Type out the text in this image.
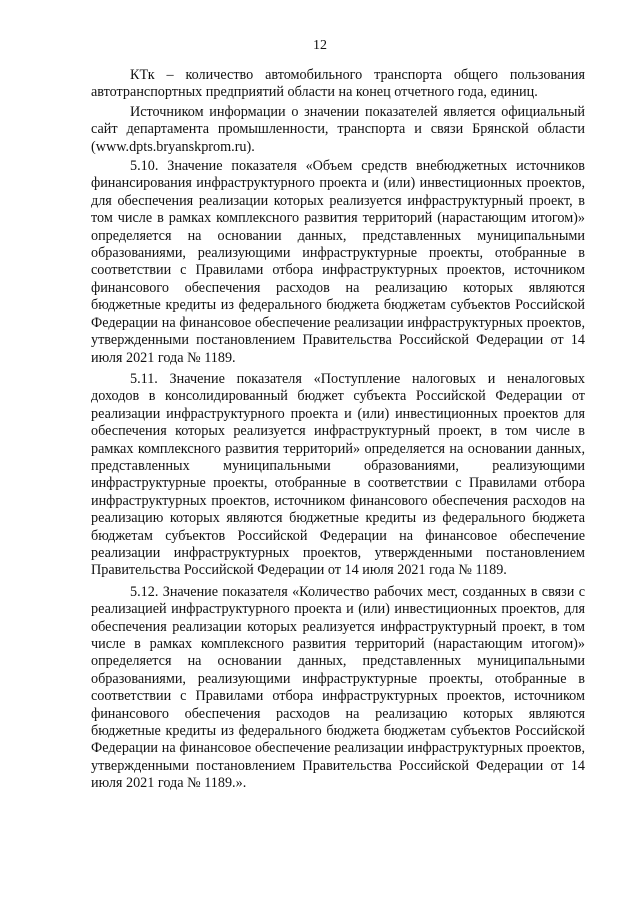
12

КТк – количество автомобильного транспорта общего пользования автотранспортных предприятий области на конец отчетного года, единиц.

Источником информации о значении показателей является официальный сайт департамента промышленности, транспорта и связи Брянской области (www.dpts.bryanskprom.ru).

5.10. Значение показателя «Объем средств внебюджетных источников финансирования инфраструктурного проекта и (или) инвестиционных проектов, для обеспечения реализации которых реализуется инфраструктурный проект, в том числе в рамках комплексного развития территорий (нарастающим итогом)» определяется на основании данных, представленных муниципальными образованиями, реализующими инфраструктурные проекты, отобранные в соответствии с Правилами отбора инфраструктурных проектов, источником финансового обеспечения расходов на реализацию которых являются бюджетные кредиты из федерального бюджета бюджетам субъектов Российской Федерации на финансовое обеспечение реализации инфраструктурных проектов, утвержденными постановлением Правительства Российской Федерации от 14 июля 2021 года № 1189.

5.11. Значение показателя «Поступление налоговых и неналоговых доходов в консолидированный бюджет субъекта Российской Федерации от реализации инфраструктурного проекта и (или) инвестиционных проектов для обеспечения которых реализуется инфраструктурный проект, в том числе в рамках комплексного развития территорий» определяется на основании данных, представленных муниципальными образованиями, реализующими инфраструктурные проекты, отобранные в соответствии с Правилами отбора инфраструктурных проектов, источником финансового обеспечения расходов на реализацию которых являются бюджетные кредиты из федерального бюджета бюджетам субъектов Российской Федерации на финансовое обеспечение реализации инфраструктурных проектов, утвержденными постановлением Правительства Российской Федерации от 14 июля 2021 года № 1189.

5.12. Значение показателя «Количество рабочих мест, созданных в связи с реализацией инфраструктурного проекта и (или) инвестиционных проектов, для обеспечения реализации которых реализуется инфраструктурный проект, в том числе в рамках комплексного развития территорий (нарастающим итогом)» определяется на основании данных, представленных муниципальными образованиями, реализующими инфраструктурные проекты, отобранные в соответствии с Правилами отбора инфраструктурных проектов, источником финансового обеспечения расходов на реализацию которых являются бюджетные кредиты из федерального бюджета бюджетам субъектов Российской Федерации на финансовое обеспечение реализации инфраструктурных проектов, утвержденными постановлением Правительства Российской Федерации от 14 июля 2021 года № 1189.».
